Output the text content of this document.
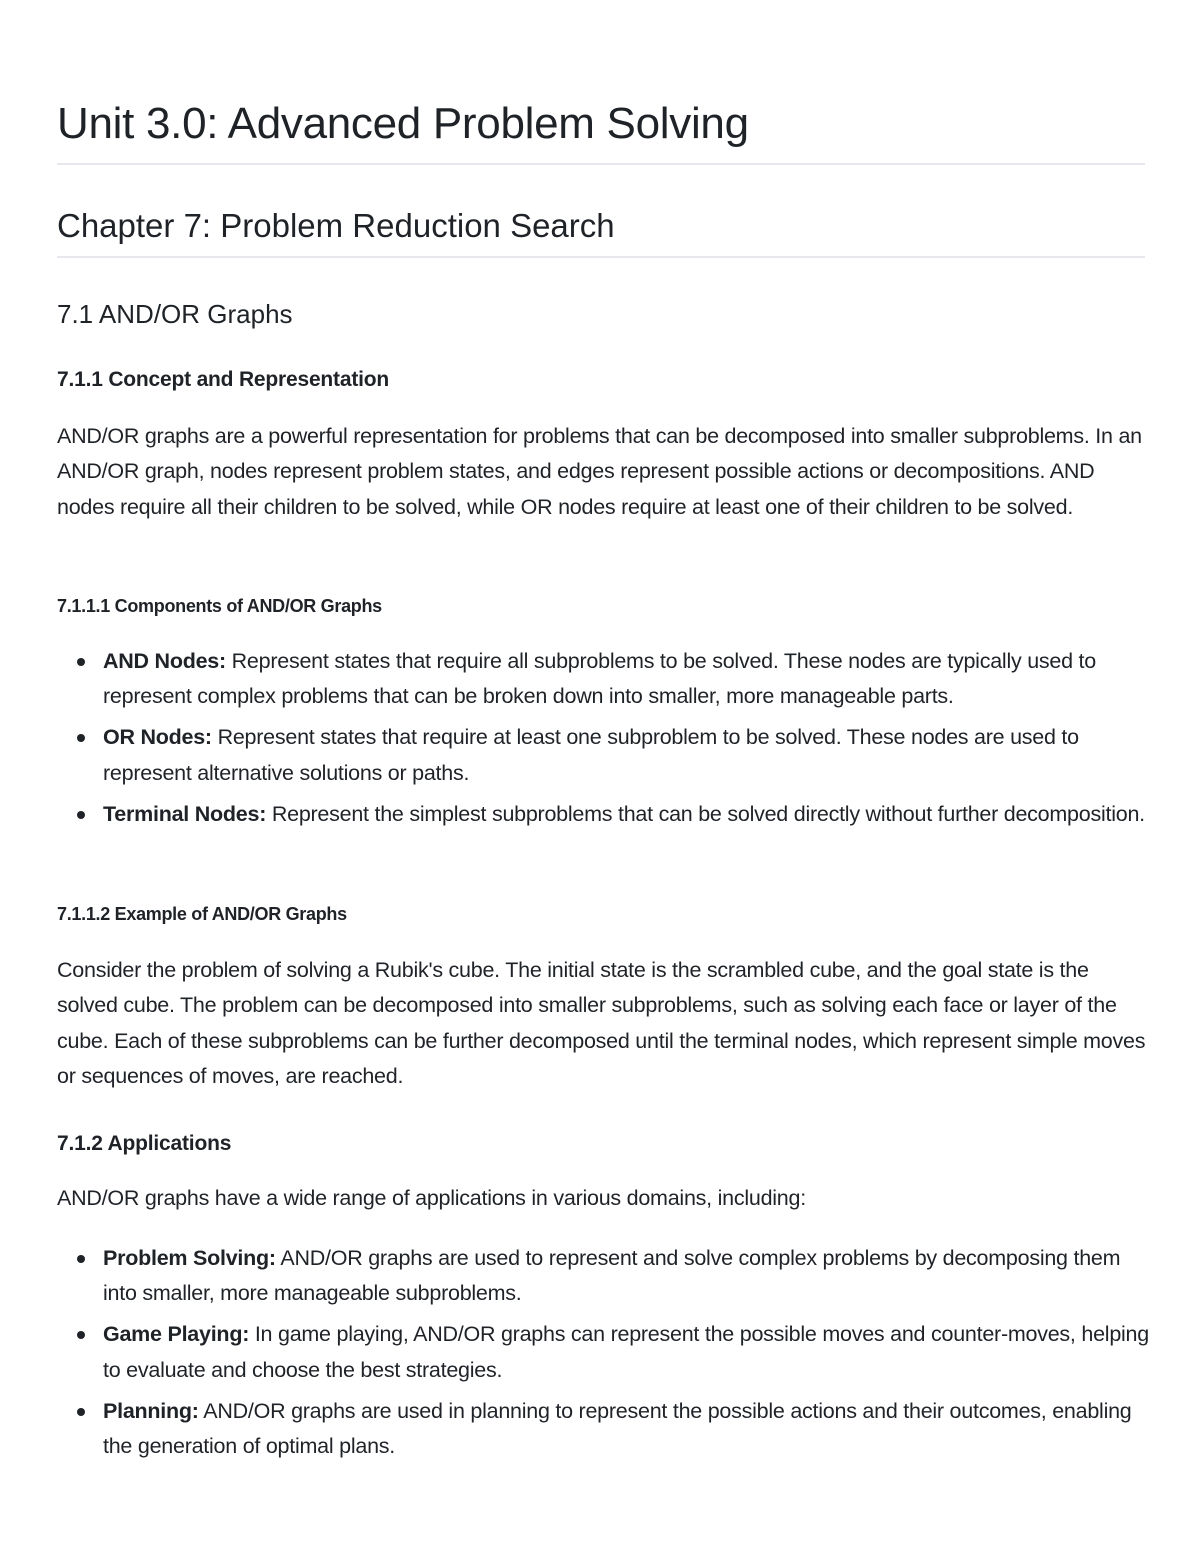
Unit 3.0: Advanced Problem Solving
Chapter 7: Problem Reduction Search
7.1 AND/OR Graphs
7.1.1 Concept and Representation
AND/OR graphs are a powerful representation for problems that can be decomposed into smaller subproblems. In an AND/OR graph, nodes represent problem states, and edges represent possible actions or decompositions. AND nodes require all their children to be solved, while OR nodes require at least one of their children to be solved.
7.1.1.1 Components of AND/OR Graphs
AND Nodes: Represent states that require all subproblems to be solved. These nodes are typically used to represent complex problems that can be broken down into smaller, more manageable parts.
OR Nodes: Represent states that require at least one subproblem to be solved. These nodes are used to represent alternative solutions or paths.
Terminal Nodes: Represent the simplest subproblems that can be solved directly without further decomposition.
7.1.1.2 Example of AND/OR Graphs
Consider the problem of solving a Rubik's cube. The initial state is the scrambled cube, and the goal state is the solved cube. The problem can be decomposed into smaller subproblems, such as solving each face or layer of the cube. Each of these subproblems can be further decomposed until the terminal nodes, which represent simple moves or sequences of moves, are reached.
7.1.2 Applications
AND/OR graphs have a wide range of applications in various domains, including:
Problem Solving: AND/OR graphs are used to represent and solve complex problems by decomposing them into smaller, more manageable subproblems.
Game Playing: In game playing, AND/OR graphs can represent the possible moves and counter-moves, helping to evaluate and choose the best strategies.
Planning: AND/OR graphs are used in planning to represent the possible actions and their outcomes, enabling the generation of optimal plans.
